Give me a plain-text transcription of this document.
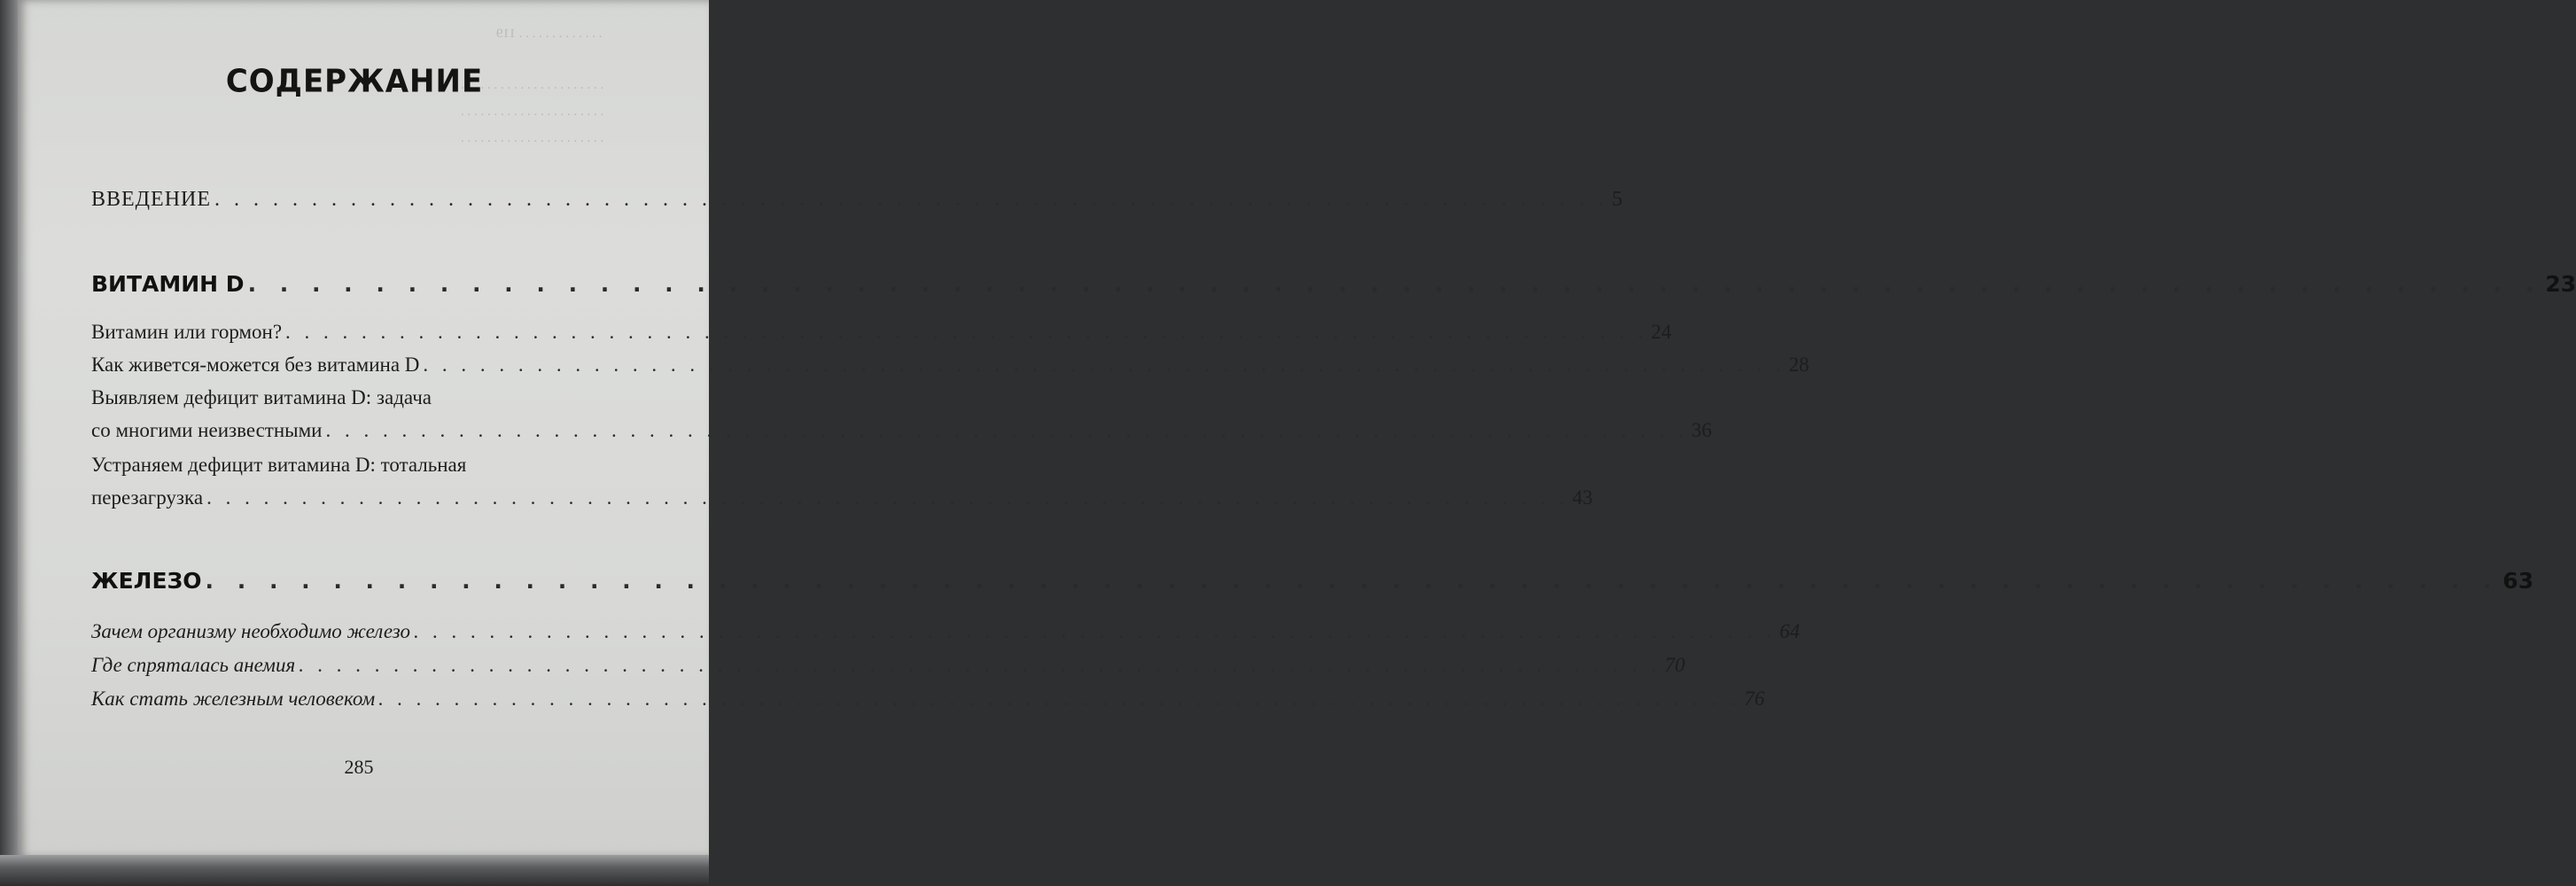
. . . . . . . . . . . . . 119
. . . . . . . . . . . . . . . . . . . . . .
. . . . . . . . . . . . . . . . . . . . . .
. . . . . . . . . . . . . . . . . . . . . .
СОДЕРЖАНИЕ
ВВЕДЕНИЕ . . . . . . . . . . . . . . . . . . . . . . . . . . . . . . . . . . . . . . . . . . . . . . . . . . . . . . . . . . . . . . . . . . . . . . . . 5
ВИТАМИН D . . . . . . . . . . . . . . . . . . . . . . . . . . . . . . . . . . . . . . . . . . . . . . . . . . . . . . . . . . . . . . . . . . . . . . . . 23
Витамин или гормон? . . . . . . . . . . . . . . . . . . . . . . . . . . . . . . . . . . . . . . . . . . . . . . . . . . . . . . . . . . . . . . . . . . . . . . . . 24
Как живется-можется без витамина D . . . . . . . . . . . . . . . . . . . . . . . . . . . . . . . . . . . . . . . . . . . . . . . . . . . . . . . . . . . . . . . . . . . . . . . . 28
Выявляем дефицит витамина D: задача
со многими неизвестными . . . . . . . . . . . . . . . . . . . . . . . . . . . . . . . . . . . . . . . . . . . . . . . . . . . . . . . . . . . . . . . . . . . . . . . . 36
Устраняем дефицит витамина D: тотальная
перезагрузка . . . . . . . . . . . . . . . . . . . . . . . . . . . . . . . . . . . . . . . . . . . . . . . . . . . . . . . . . . . . . . . . . . . . . . . . 43
ЖЕЛЕЗО . . . . . . . . . . . . . . . . . . . . . . . . . . . . . . . . . . . . . . . . . . . . . . . . . . . . . . . . . . . . . . . . . . . . . . . . 63
Зачем организму необходимо железо . . . . . . . . . . . . . . . . . . . . . . . . . . . . . . . . . . . . . . . . . . . . . . . . . . . . . . . . . . . . . . . . . . . . . . . . 64
Где спряталась анемия . . . . . . . . . . . . . . . . . . . . . . . . . . . . . . . . . . . . . . . . . . . . . . . . . . . . . . . . . . . . . . . . . . . . . . . . 70
Как стать железным человеком . . . . . . . . . . . . . . . . . . . . . . . . . . . . . . . . . . . . . . . . . . . . . . . . . . . . . . . . . . . . . . . . . . . . . . . . 76
285
